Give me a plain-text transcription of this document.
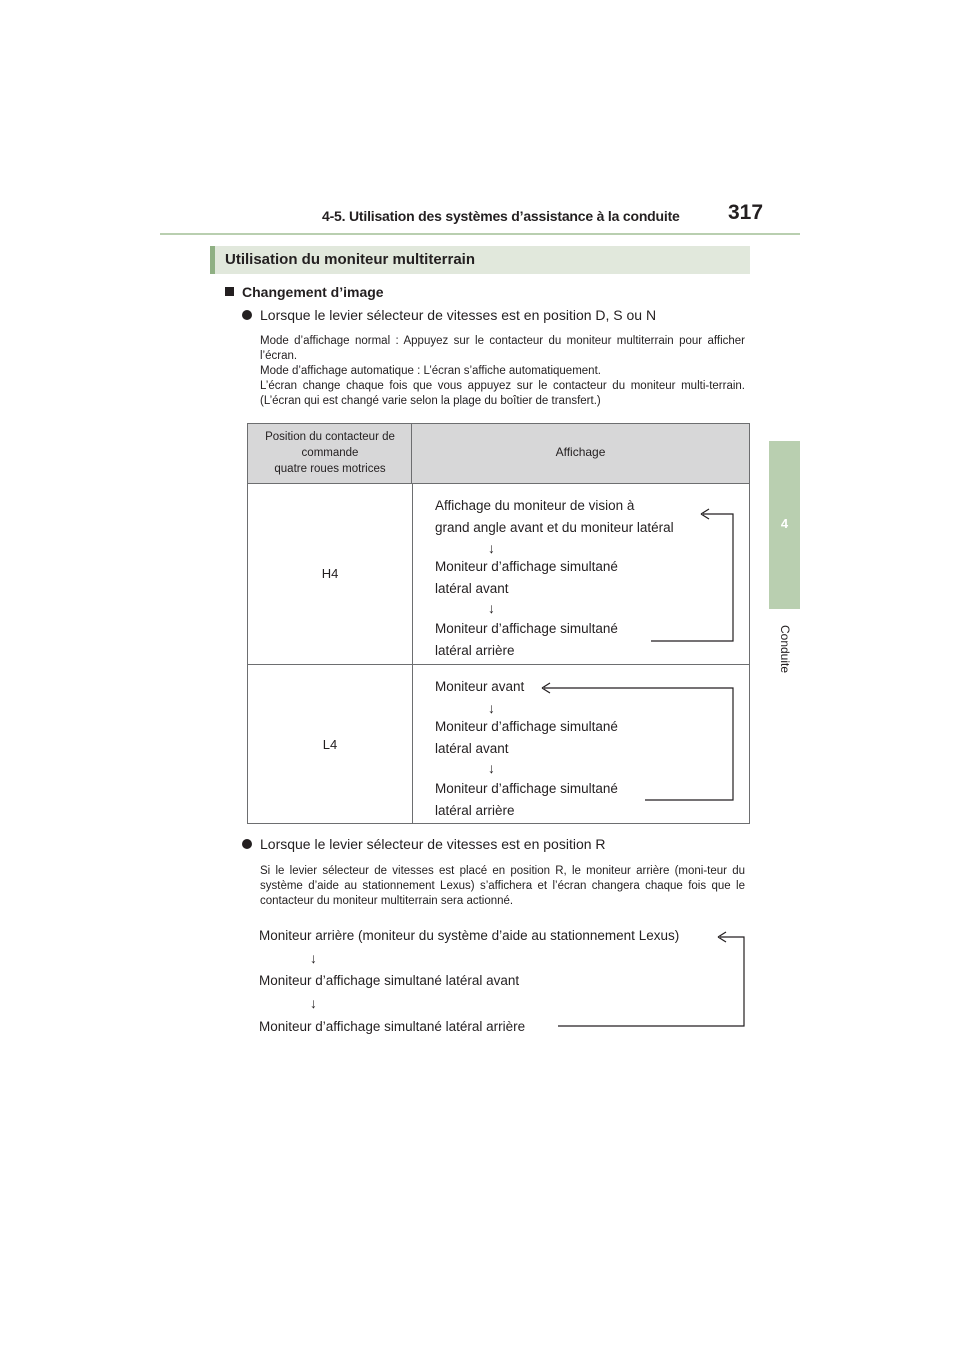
4-5. Utilisation des systèmes d’assistance à la conduite 317
4
Conduite
Utilisation du moniteur multiterrain
Changement d’image
Lorsque le levier sélecteur de vitesses est en position D, S ou N
Mode d’affichage normal : Appuyez sur le contacteur du moniteur multiterrain pour afficher l’écran.
Mode d’affichage automatique : L’écran s’affiche automatiquement.
L’écran change chaque fois que vous appuyez sur le contacteur du moniteur multi-terrain. (L’écran qui est changé varie selon la plage du boîtier de transfert.)
Position du contacteur de
commande
quatre roues motrices
Affichage
H4
Affichage du moniteur de vision à
grand angle avant et du moniteur latéral
↓
Moniteur d’affichage simultané
latéral avant
↓
Moniteur d’affichage simultané
latéral arrière
L4
Moniteur avant
↓
Moniteur d’affichage simultané
latéral avant
↓
Moniteur d’affichage simultané
latéral arrière
Lorsque le levier sélecteur de vitesses est en position R
Si le levier sélecteur de vitesses est placé en position R, le moniteur arrière (moni-teur du système d’aide au stationnement Lexus) s’affichera et l’écran changera chaque fois que le contacteur du moniteur multiterrain sera actionné.
Moniteur arrière (moniteur du système d’aide au stationnement Lexus)
↓
Moniteur d’affichage simultané latéral avant
↓
Moniteur d’affichage simultané latéral arrière
